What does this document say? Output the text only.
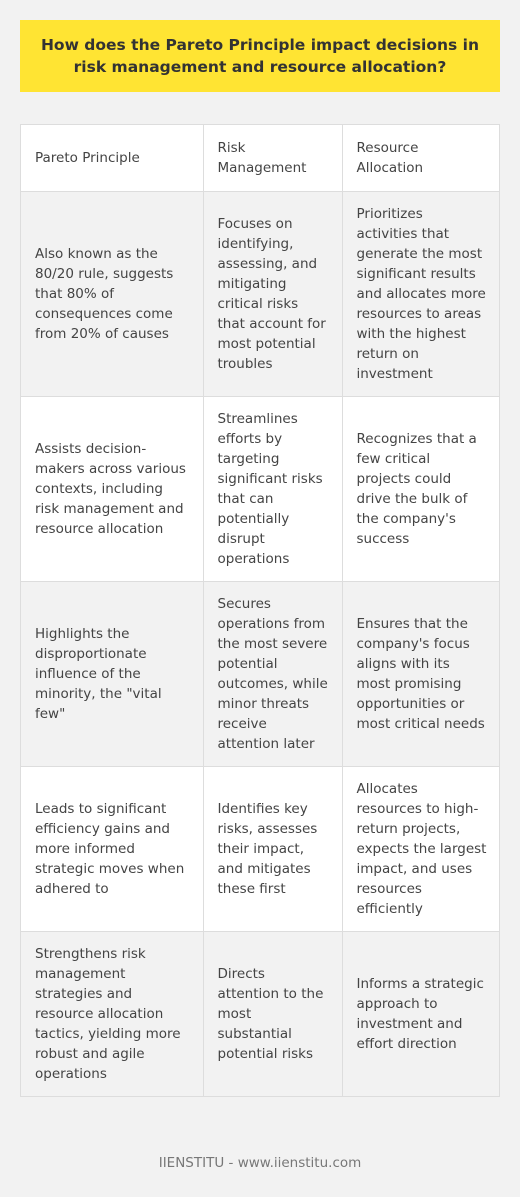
How does the Pareto Principle impact decisions in risk management and resource allocation?
Pareto Principle	Risk Management	Resource Allocation
Also known as the 80/20 rule, suggests that 80% of consequences come from 20% of causes	Focuses on identifying, assessing, and mitigating critical risks that account for most potential troubles	Prioritizes activities that generate the most significant results and allocates more resources to areas with the highest return on investment
Assists decision-makers across various contexts, including risk management and resource allocation	Streamlines efforts by targeting significant risks that can potentially disrupt operations	Recognizes that a few critical projects could drive the bulk of the company's success
Highlights the disproportionate influence of the minority, the "vital few"	Secures operations from the most severe potential outcomes, while minor threats receive attention later	Ensures that the company's focus aligns with its most promising opportunities or most critical needs
Leads to significant efficiency gains and more informed strategic moves when adhered to	Identifies key risks, assesses their impact, and mitigates these first	Allocates resources to high-return projects, expects the largest impact, and uses resources efficiently
Strengthens risk management strategies and resource allocation tactics, yielding more robust and agile operations	Directs attention to the most substantial potential risks	Informs a strategic approach to investment and effort direction
IIENSTITU - www.iienstitu.com
